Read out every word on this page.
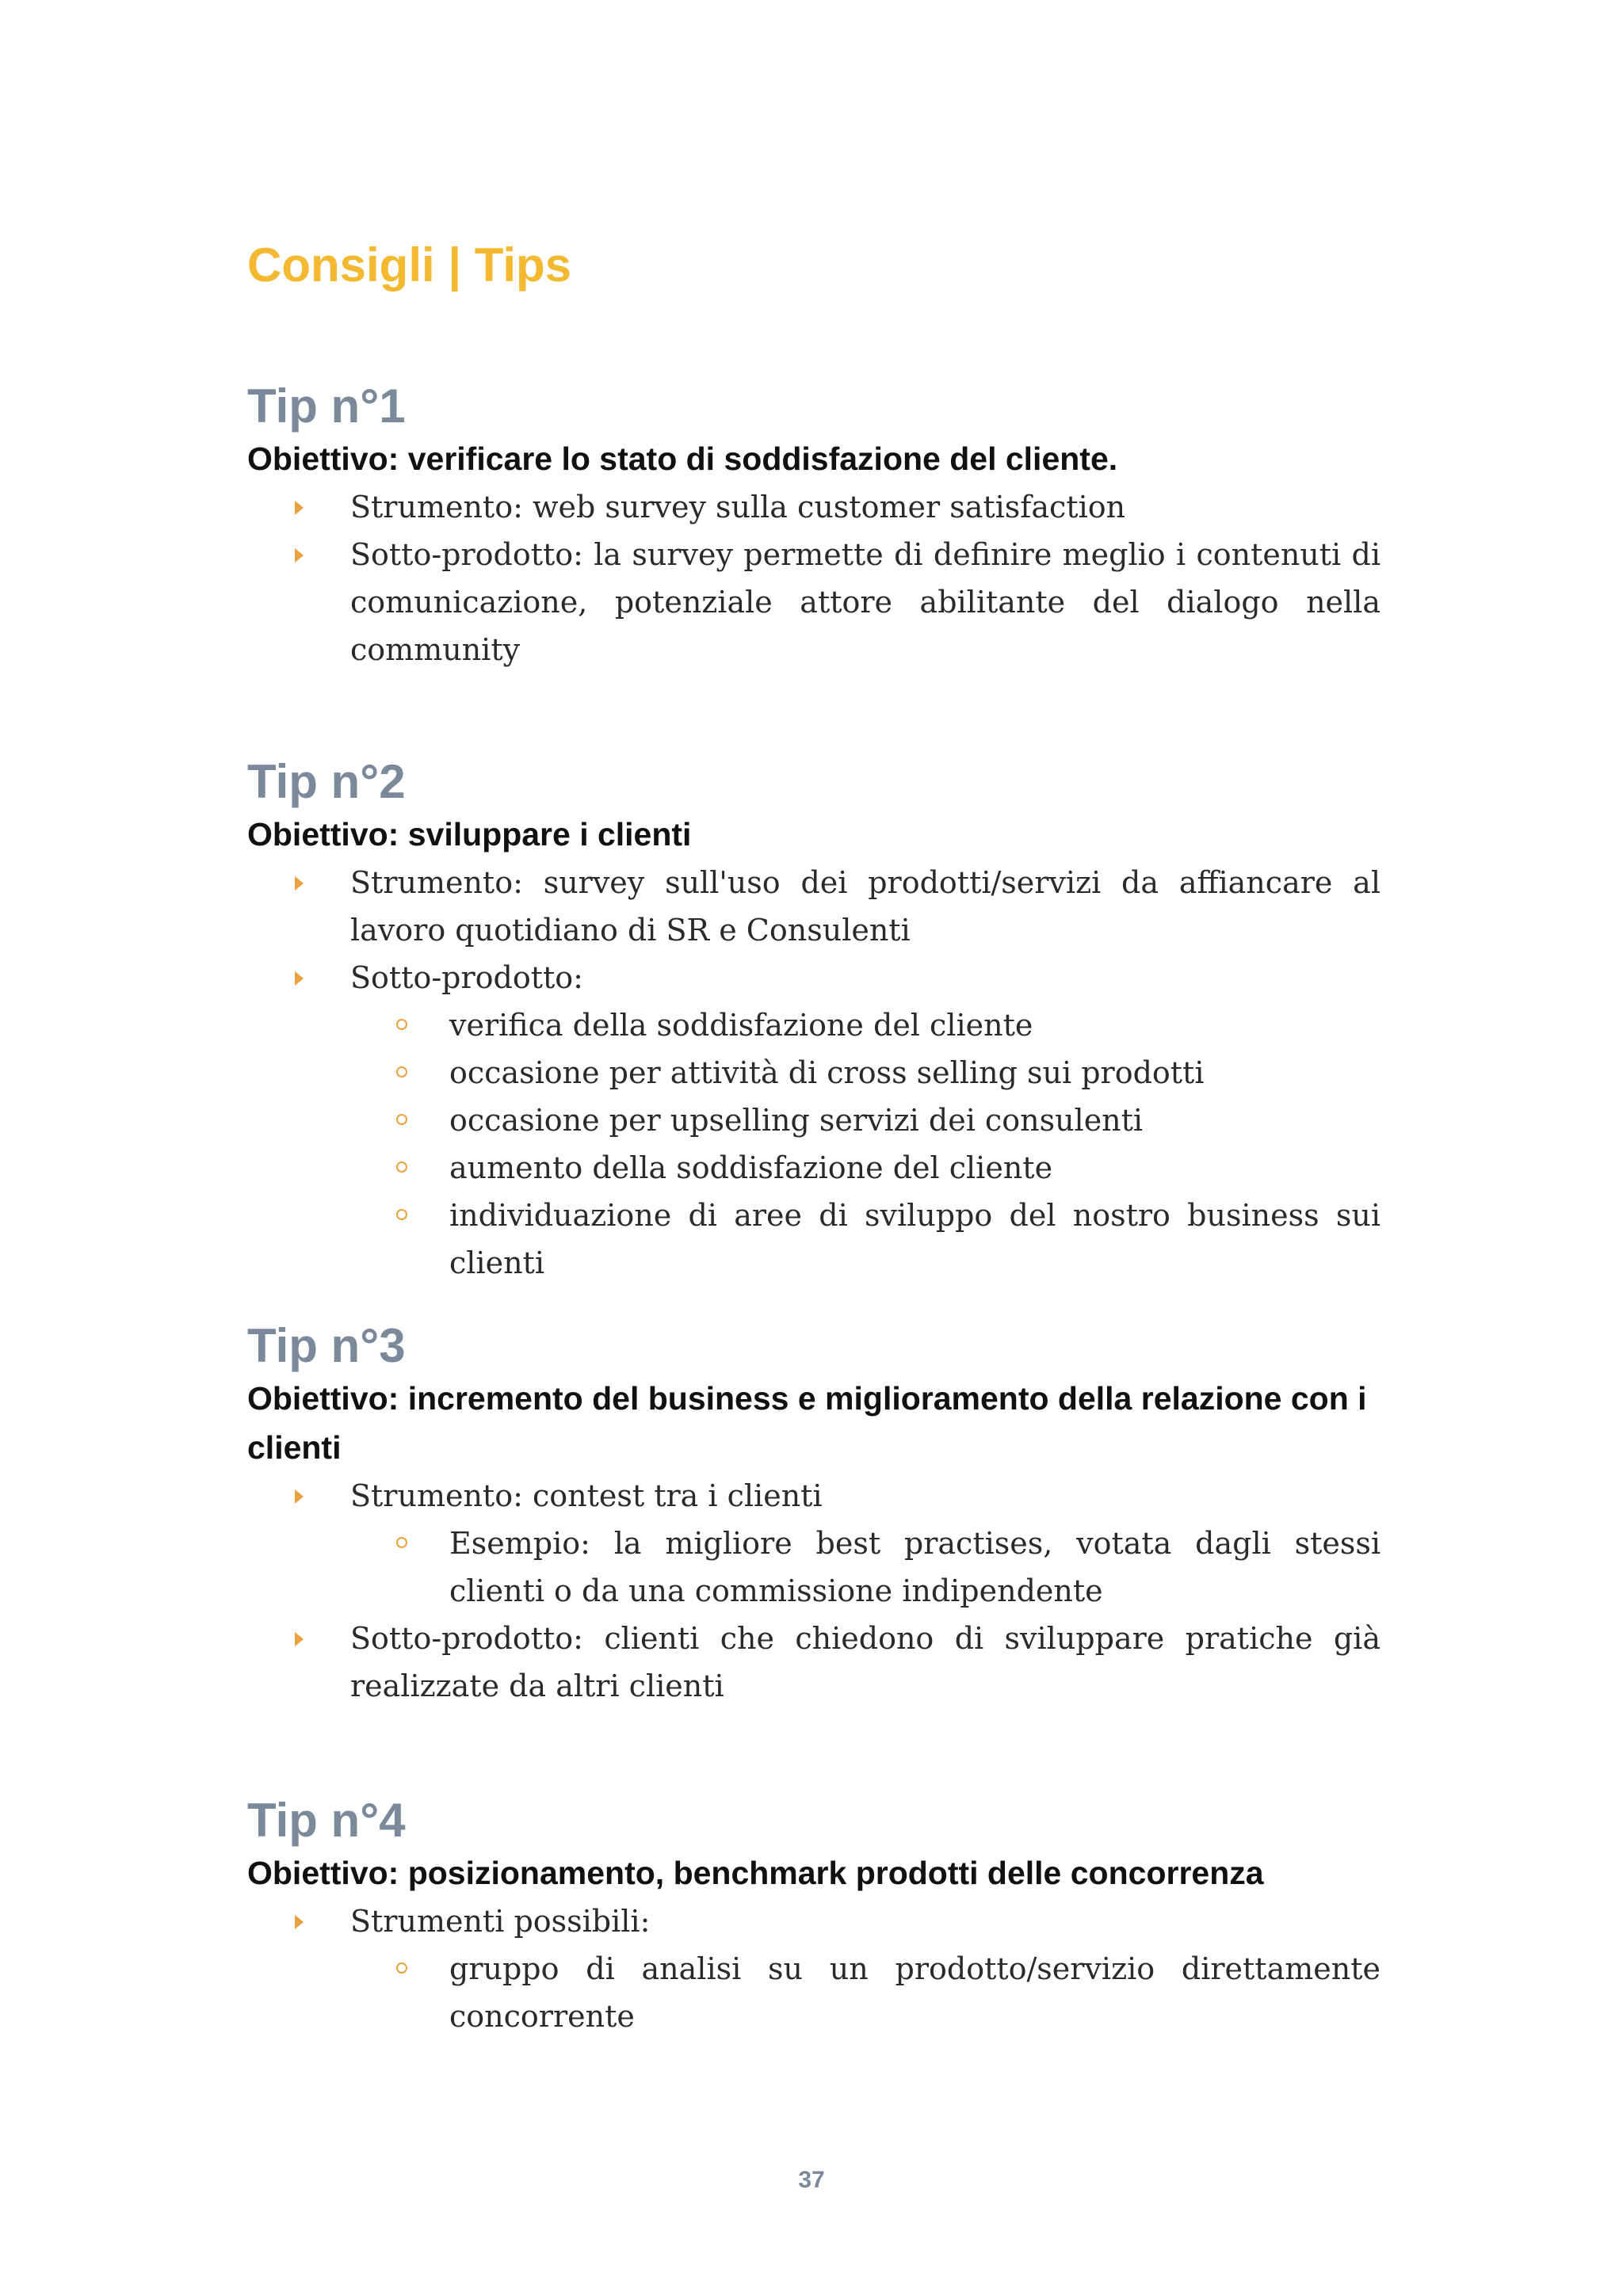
Consigli | Tips
Tip n°1

Obiettivo: verificare lo stato di soddisfazione del cliente.

Strumento: web survey sulla customer satisfaction
Sotto-prodotto: la survey permette di definire meglio i contenuti di comunicazione, potenziale attore abilitante del dialogo nella community
Tip n°2

Obiettivo: sviluppare i clienti

Strumento: survey sull'uso dei prodotti/servizi da affiancare al lavoro quotidiano di SR e Consulenti
Sotto-prodotto:
verifica della soddisfazione del cliente
occasione per attività di cross selling sui prodotti
occasione per upselling servizi dei consulenti
aumento della soddisfazione del cliente
individuazione di aree di sviluppo del nostro business sui clienti
Tip n°3

Obiettivo: incremento del business e miglioramento della relazione con i clienti

Strumento: contest tra i clienti
Esempio: la migliore best practises, votata dagli stessi clienti o da una commissione indipendente
Sotto-prodotto: clienti che chiedono di sviluppare pratiche già realizzate da altri clienti
Tip n°4

Obiettivo: posizionamento, benchmark prodotti delle concorrenza

Strumenti possibili:
gruppo di analisi su un prodotto/servizio direttamente concorrente
37
